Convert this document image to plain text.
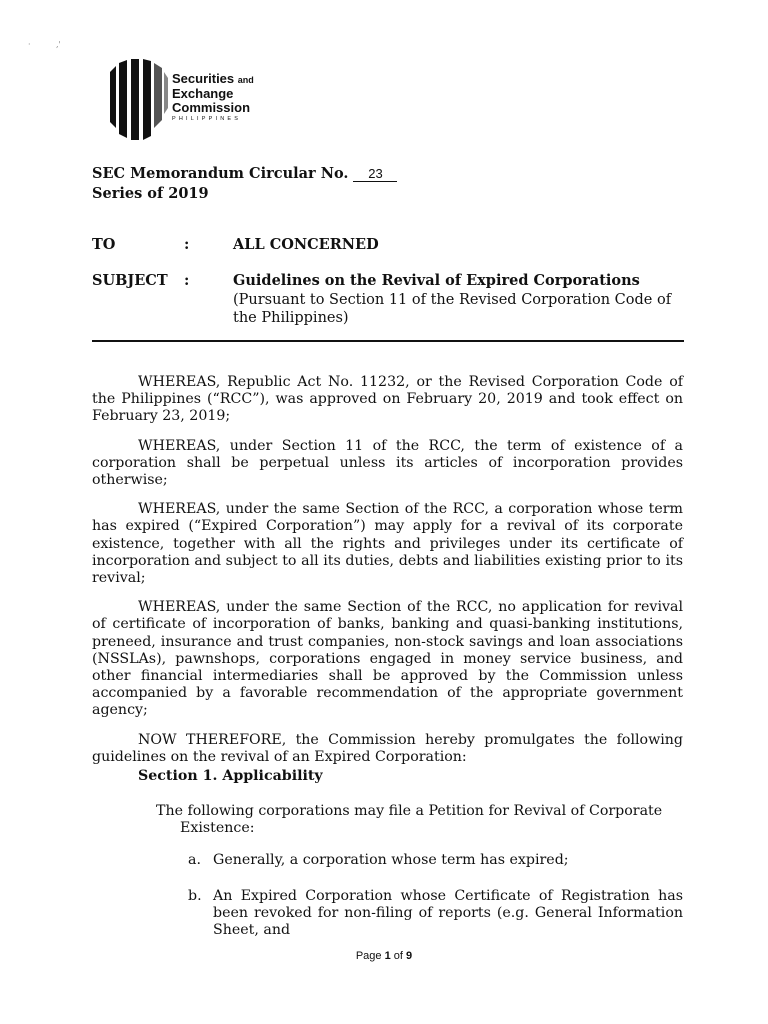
·          ,'
Securities and
Exchange
Commission
PHILIPPINES
SEC Memorandum Circular No. 23
Series of 2019
TO	:	ALL CONCERNED
SUBJECT	:	Guidelines on the Revival of Expired Corporations
(Pursuant to Section 11 of the Revised Corporation Code of the Philippines)

WHEREAS, Republic Act No. 11232, or the Revised Corporation Code of the Philippines (“RCC”), was approved on February 20, 2019 and took effect on February 23, 2019;

WHEREAS, under Section 11 of the RCC, the term of existence of a corporation shall be perpetual unless its articles of incorporation provides otherwise;

WHEREAS, under the same Section of the RCC, a corporation whose term has expired (“Expired Corporation”) may apply for a revival of its corporate existence, together with all the rights and privileges under its certificate of incorporation and subject to all its duties, debts and liabilities existing prior to its revival;

WHEREAS, under the same Section of the RCC, no application for revival of certificate of incorporation of banks, banking and quasi-banking institutions, preneed, insurance and trust companies, non-stock savings and loan associations (NSSLAs), pawnshops, corporations engaged in money service business, and other financial intermediaries shall be approved by the Commission unless accompanied by a favorable recommendation of the appropriate government agency;

NOW THEREFORE, the Commission hereby promulgates the following guidelines on the revival of an Expired Corporation:

Section 1. Applicability
The following corporations may file a Petition for Revival of Corporate
Existence:
a. Generally, a corporation whose term has expired;
b. An Expired Corporation whose Certificate of Registration has been revoked for non-filing of reports (e.g. General Information Sheet, and
Page 1 of 9
